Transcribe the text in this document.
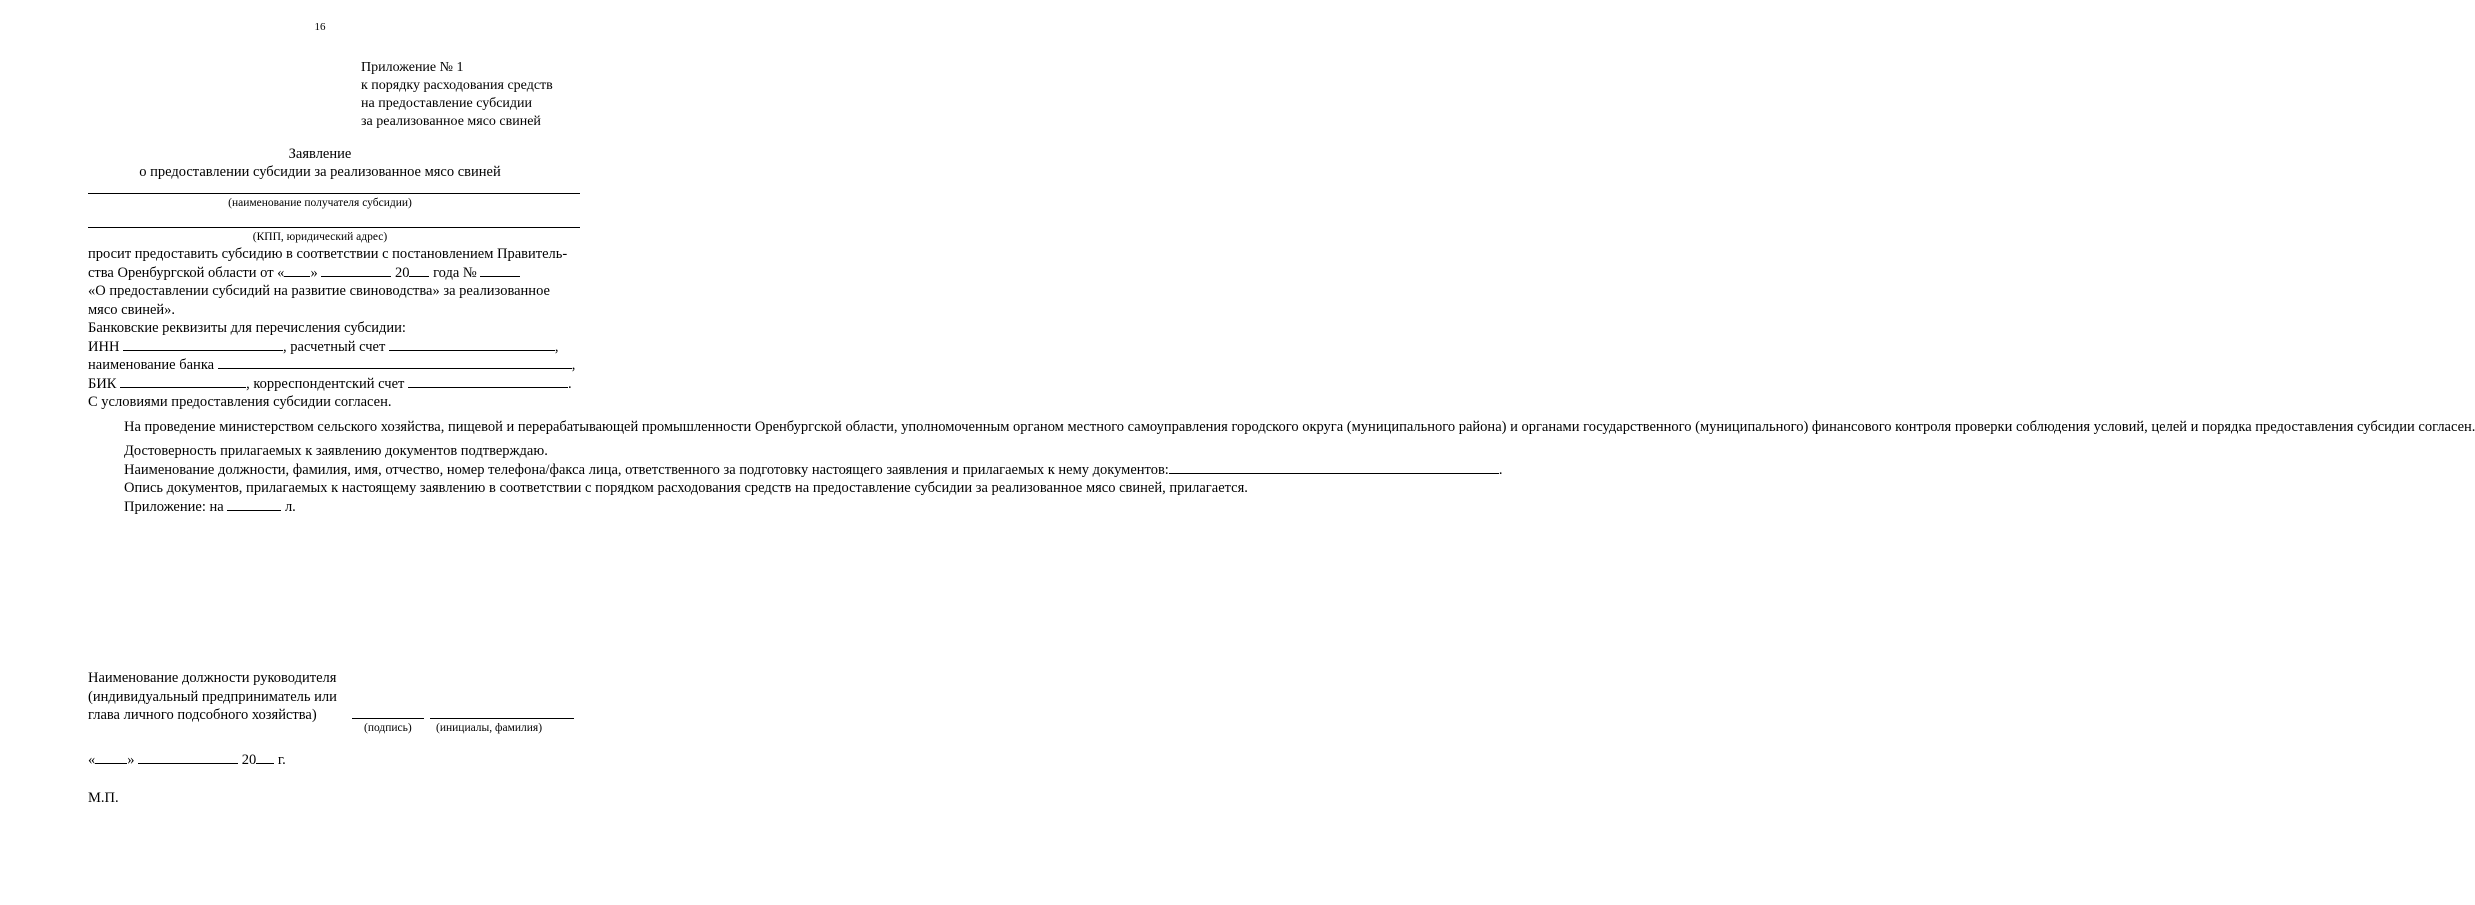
16
Приложение № 1
к порядку расходования средств
на предоставление субсидии
за реализованное мясо свиней
Заявление
о предоставлении субсидии за реализованное мясо свиней
(наименование получателя субсидии)
(КПП, юридический адрес)

просит предоставить субсидию в соответствии с постановлением Правитель-

ства Оренбургской области от « »	20 года №

«О предоставлении субсидий на развитие свиноводства» за реализованное

мясо свиней».

Банковские реквизиты для перечисления субсидии:

ИНН	, расчетный счет	,

наименование банка	,

БИК	, корреспондентский счет	.

С условиями предоставления субсидии согласен.

На проведение министерством сельского хозяйства, пищевой и перерабатывающей промышленности Оренбургской области, уполномоченным органом местного самоуправления городского округа (муниципального района) и органами государственного (муниципального) финансового контроля проверки соблюдения условий, целей и порядка предоставления субсидии согласен.

Достоверность прилагаемых к заявлению документов подтверждаю.

Наименование должности, фамилия, имя, отчество, номер телефона/факса лица, ответственного за подготовку настоящего заявления и прилагаемых к нему документов:	.

Опись документов, прилагаемых к настоящему заявлению в соответствии с порядком расходования средств на предоставление субсидии за реализованное мясо свиней, прилагается.

Приложение: на	л.

Наименование должности руководителя
(индивидуальный предприниматель или
глава личного подсобного хозяйства)
(подпись) (инициалы, фамилия)
« »	20 г.
М.П.
